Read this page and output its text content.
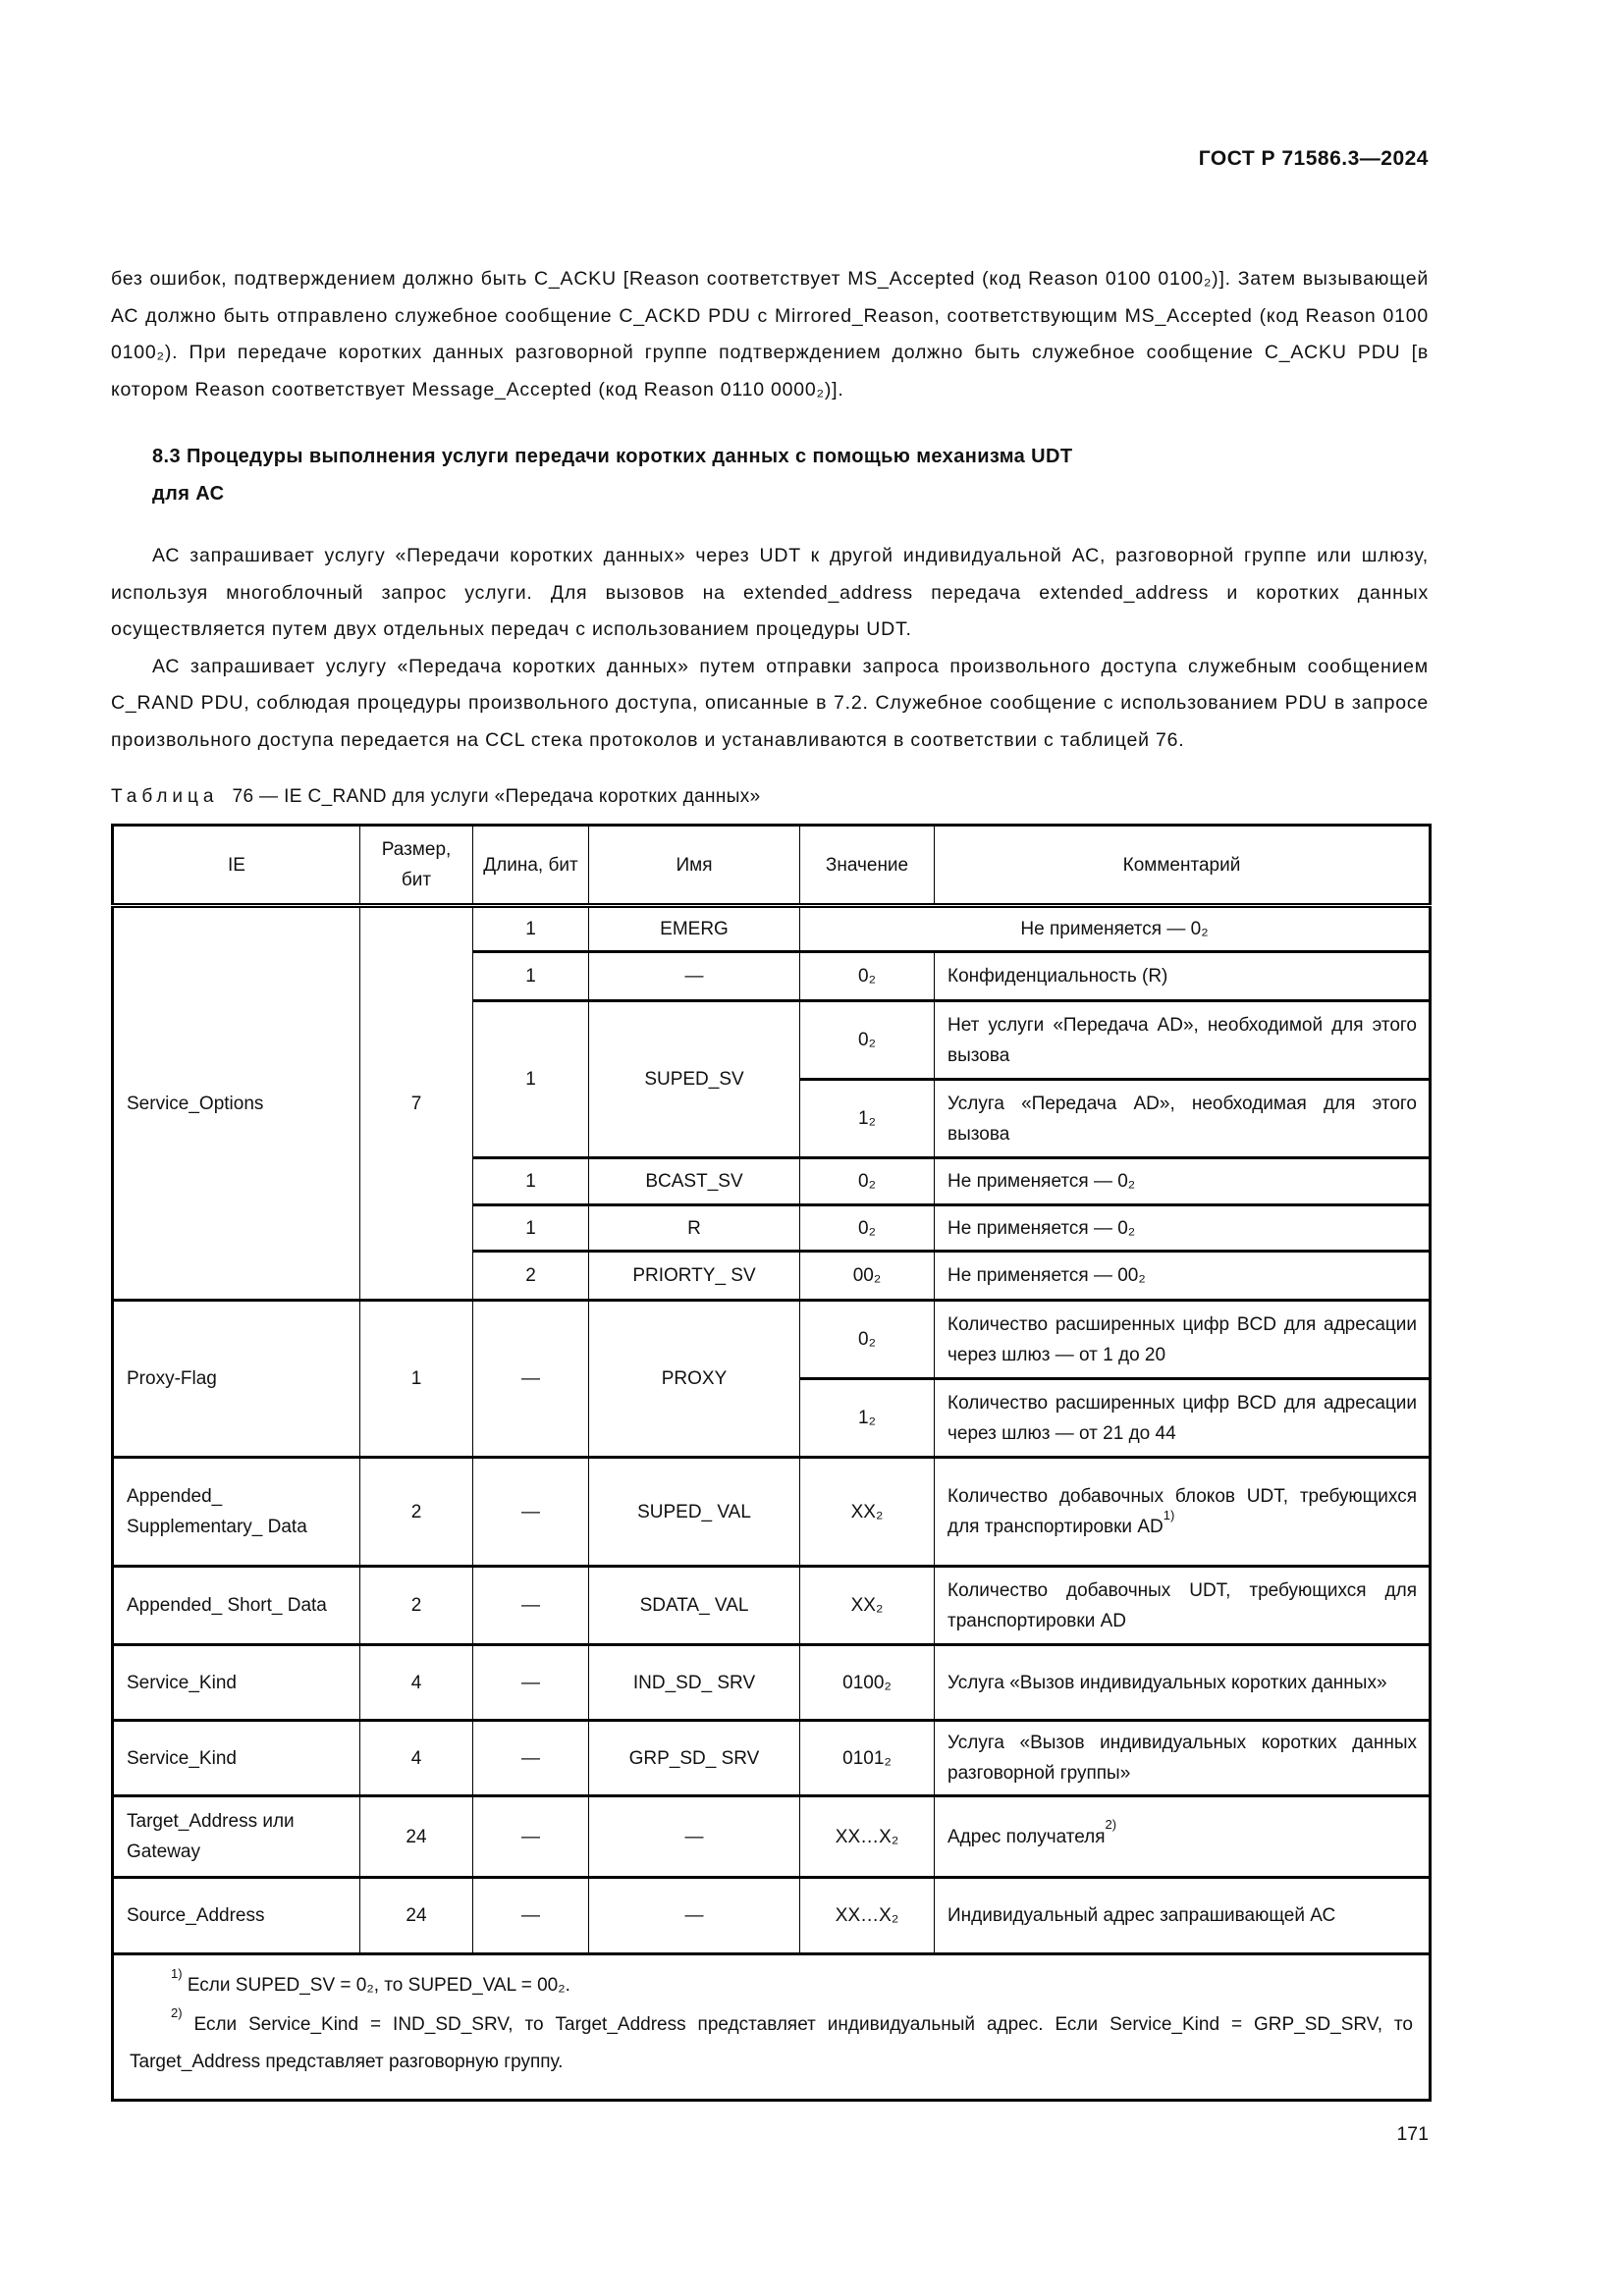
ГОСТ Р 71586.3—2024

без ошибок, подтверждением должно быть C_ACKU [Reason соответствует MS_Accepted (код Reason 0100 0100₂)]. Затем вызывающей АС должно быть отправлено служебное сообщение C_ACKD PDU с Mirrored_Reason, соответствующим MS_Accepted (код Reason 0100 0100₂). При передаче коротких данных разговорной группе подтверждением должно быть служебное сообщение C_ACKU PDU [в котором Reason соответствует Message_Accepted (код Reason 0110 0000₂)].

8.3 Процедуры выполнения услуги передачи коротких данных с помощью механизма UDT
для АС

АС запрашивает услугу «Передачи коротких данных» через UDT к другой индивидуальной АС, разговорной группе или шлюзу, используя многоблочный запрос услуги. Для вызовов на extended_address передача extended_address и коротких данных осуществляется путем двух отдельных передач с использованием процедуры UDT.

АС запрашивает услугу «Передача коротких данных» путем отправки запроса произвольного доступа служебным сообщением C_RAND PDU, соблюдая процедуры произвольного доступа, описанные в 7.2. Служебное сообщение с использованием PDU в запросе произвольного доступа передается на CCL стека протоколов и устанавливаются в соответствии с таблицей 76.

Таблица 76 — IE C_RAND для услуги «Передача коротких данных»
IE	Размер, бит	Длина, бит	Имя	Значение	Комментарий
Service_Options	7	1	EMERG	Не применяется — 0₂	
		1	—	0₂	Конфиденциальность (R)
		1	SUPED_SV	0₂	Нет услуги «Передача AD», необходимой для этого вызова
				1₂	Услуга «Передача AD», необходимая для этого вызова
		1	BCAST_SV	0₂	Не применяется — 0₂
		1	R	0₂	Не применяется — 0₂
		2	PRIORTY_ SV	00₂	Не применяется — 00₂
Proxy-Flag	1	—	PROXY	0₂	Количество расширенных цифр BCD для адресации через шлюз — от 1 до 20
				1₂	Количество расширенных цифр BCD для адресации через шлюз — от 21 до 44
Appended_ Supplementary_ Data	2	—	SUPED_ VAL	XX₂	Количество добавочных блоков UDT, требующихся для транспортировки AD$^{1)}$
Appended_ Short_ Data	2	—	SDATA_ VAL	XX₂	Количество добавочных UDT, требующихся для транспортировки AD
Service_Kind	4	—	IND_SD_ SRV	0100₂	Услуга «Вызов индивидуальных коротких данных»
Service_Kind	4	—	GRP_SD_ SRV	0101₂	Услуга «Вызов индивидуальных коротких данных разговорной группы»
Target_Address или Gateway	24	—	—	XX…X₂	Адрес получателя$^{2)}$
Source_Address	24	—	—	XX…X₂	Индивидуальный адрес запрашивающей АС

$^{1)}$ Если SUPED_SV = 0₂, то SUPED_VAL = 00₂.

$^{2)}$ Если Service_Kind = IND_SD_SRV, то Target_Address представляет индивидуальный адрес. Если Service_Kind = GRP_SD_SRV, то Target_Address представляет разговорную группу.					

171
